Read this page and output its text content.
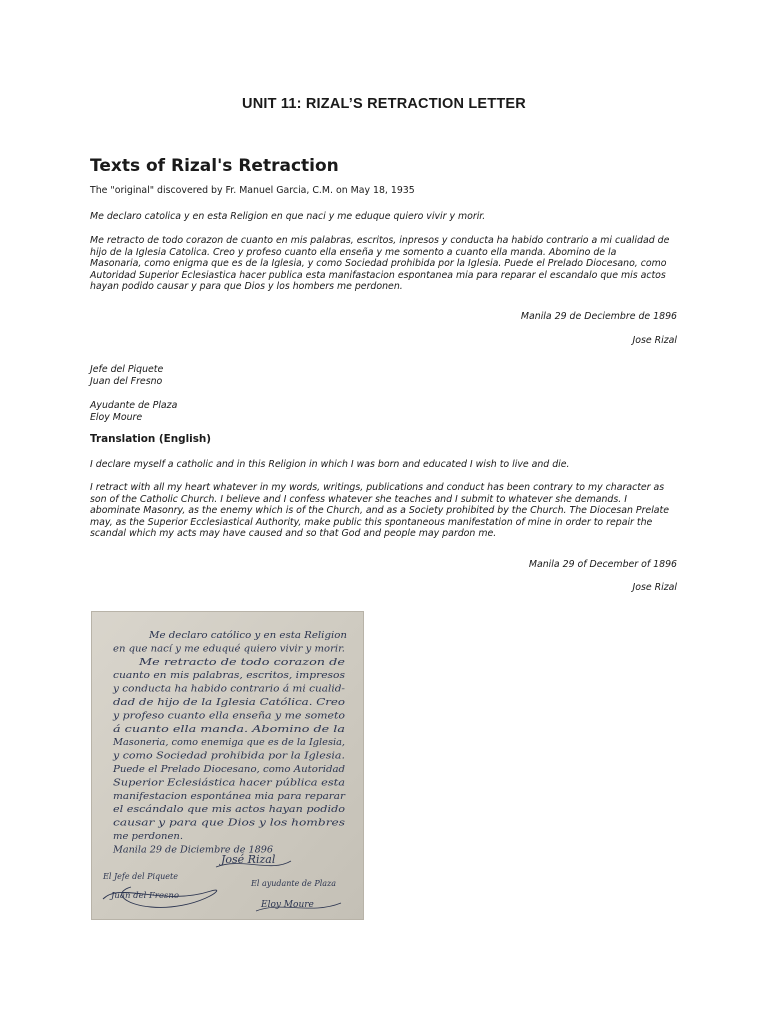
UNIT 11: RIZAL’S RETRACTION LETTER
Texts of Rizal's Retraction

The "original" discovered by Fr. Manuel Garcia, C.M. on May 18, 1935

Me declaro catolica y en esta Religion en que naci y me eduque quiero vivir y morir.

Me retracto de todo corazon de cuanto en mis palabras, escritos, inpresos y conducta ha habido contrario a mi cualidad de
hijo de la Iglesia Catolica. Creo y profeso cuanto ella enseña y me somento a cuanto ella manda. Abomino de la
Masonaria, como enigma que es de la Iglesia, y como Sociedad prohibida por la Iglesia. Puede el Prelado Diocesano, como
Autoridad Superior Eclesiastica hacer publica esta manifastacion espontanea mia para reparar el escandalo que mis actos
hayan podido causar y para que Dios y los hombers me perdonen.
Manila 29 de Deciembre de 1896
Jose Rizal
Jefe del Piquete
Juan del Fresno
Ayudante de Plaza
Eloy Moure
Translation (English)

I declare myself a catholic and in this Religion in which I was born and educated I wish to live and die.

I retract with all my heart whatever in my words, writings, publications and conduct has been contrary to my character as
son of the Catholic Church. I believe and I confess whatever she teaches and I submit to whatever she demands. I
abominate Masonry, as the enemy which is of the Church, and as a Society prohibited by the Church. The Diocesan Prelate
may, as the Superior Ecclesiastical Authority, make public this spontaneous manifestation of mine in order to repair the
scandal which my acts may have caused and so that God and people may pardon me.
Manila 29 of December of 1896
Jose Rizal
Me declaro católico y en esta Religion
en que nací y me eduqué quiero vivir y morir.
Me retracto de todo corazon de
cuanto en mis palabras, escritos, impresos
y conducta ha habido contrario á mi cualid-
dad de hijo de la Iglesia Católica. Creo
y profeso cuanto ella enseña y me someto
á cuanto ella manda. Abomino de la
Masoneria, como enemiga que es de la Iglesia,
y como Sociedad prohibida por la Iglesia.
Puede el Prelado Diocesano, como Autoridad
Superior Eclesiástica hacer pública esta
manifestacion espontánea mia para reparar
el escándalo que mis actos hayan podido
causar y para que Dios y los hombres
me perdonen.
Manila 29 de Diciembre de 1896
José Rizal
El Jefe del Piquete
Juan del Fresno
El ayudante de Plaza
Eloy Moure
